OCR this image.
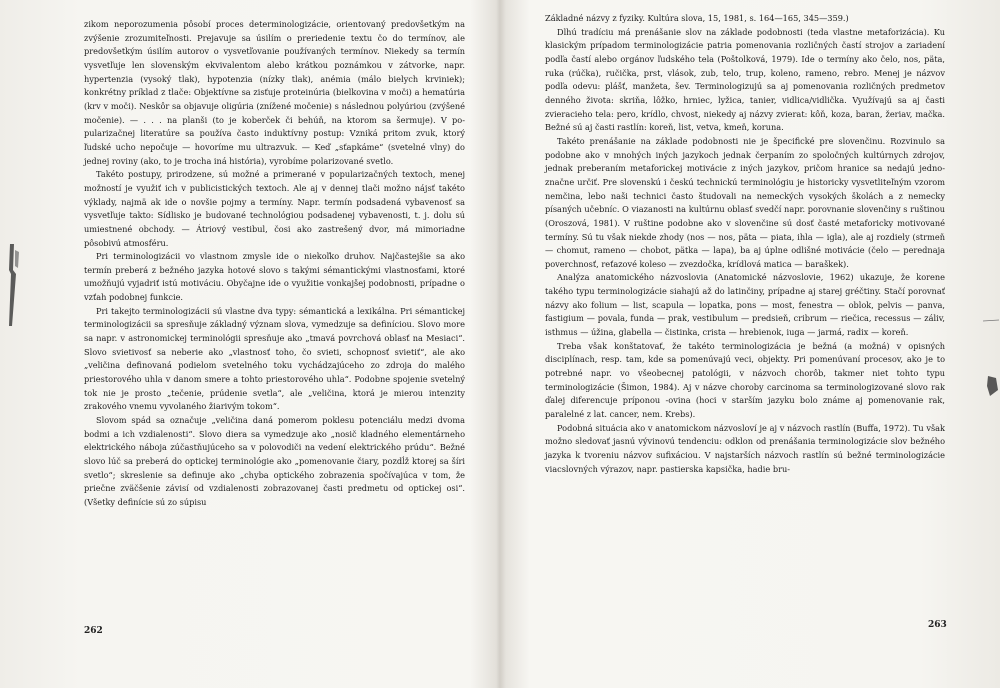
zikom neporozumenia pôsobí proces determinologizácie, orientovaný predovšetkým na zvýšenie zrozumiteľnosti. Prejavuje sa úsilím o preriedenie textu čo do termínov, ale predovšetkým úsilím autorov o vysvetľovanie používaných termínov. Niekedy sa termín vysvetľuje len slovenským ekvivalentom alebo krátkou poznámkou v zátvorke, napr. hypertenzia (vysoký tlak), hypotenzia (nízky tlak), anémia (málo bielych krviniek); konkrétny príklad z tlače: Objektívne sa zisťuje proteinúria (bielkovina v moči) a hematúria (krv v moči). Neskôr sa objavuje oligúria (znížené močenie) s následnou polyúriou (zvýšené močenie). — . . . na planši (to je koberček či behúň, na ktorom sa šermuje). V popularizačnej literatúre sa používa často induktívny postup: Vzniká pritom zvuk, ktorý ľudské ucho nepočuje — hovoríme mu ultrazvuk. — Keď „sťapkáme“ (svetelné vlny) do jednej roviny (ako, to je trocha iná história), vyrobíme polarizované svetlo.

Takéto postupy, prirodzene, sú možné a primerané v popularizačných textoch, menej možností je využiť ich v publicistických textoch. Ale aj v dennej tlači možno nájsť takéto výklady, najmä ak ide o novšie pojmy a termíny. Napr. termín podsadená vybavenosť sa vysvetľuje takto: Sídlisko je budované technológiou podsadenej vybavenosti, t. j. dolu sú umiestnené obchody. — Átriový vestibul, čosi ako zastrešený dvor, má mimoriadne pôsobivú atmosféru.

Pri terminologizácii vo vlastnom zmysle ide o niekoľko druhov. Najčastejšie sa ako termín preberá z bežného jazyka hotové slovo s takými sémantickými vlastnosťami, ktoré umožňujú vyjadriť istú motiváciu. Obyčajne ide o využitie vonkajšej podobnosti, prípadne o vzťah podobnej funkcie.

Pri takejto terminologizácii sú vlastne dva typy: sémantická a lexikálna. Pri sémantickej terminologizácii sa spresňuje základný význam slova, vymedzuje sa definíciou. Slovo more sa napr. v astronomickej terminológii spresňuje ako „tmavá povrchová oblasť na Mesiaci“. Slovo svietivosť sa neberie ako „vlastnosť toho, čo svieti, schopnosť svietiť“, ale ako „veličina definovaná podielom svetelného toku vychádzajúceho zo zdroja do malého priestorového uhla v danom smere a tohto priestorového uhla“. Podobne spojenie svetelný tok nie je prosto „tečenie, prúdenie svetla“, ale „veličina, ktorá je mierou intenzity zrakového vnemu vyvolaného žiarivým tokom“.

Slovom spád sa označuje „veličina daná pomerom poklesu potenciálu medzi dvoma bodmi a ich vzdialenosti“. Slovo diera sa vymedzuje ako „nosič kladného elementárneho elektrického náboja zúčastňujúceho sa v polovodiči na vedení elektrického prúdu“. Bežné slovo lúč sa preberá do optickej terminológie ako „pomenovanie čiary, pozdĺž ktorej sa šíri svetlo“; skreslenie sa definuje ako „chyba optického zobrazenia spočívajúca v tom, že priečne zväčšenie závisí od vzdialenosti zobrazovanej časti predmetu od optickej osi“. (Všetky definície sú zo súpisu

262

Základné názvy z fyziky. Kultúra slova, 15, 1981, s. 164—165, 345—359.)

Dlhú tradíciu má prenášanie slov na základe podobnosti (teda vlastne metaforizácia). Ku klasickým prípadom terminologizácie patria pomenovania rozličných častí strojov a zariadení podľa častí alebo orgánov ľudského tela (Poštolková, 1979). Ide o termíny ako čelo, nos, päta, ruka (rúčka), ručička, prst, vlások, zub, telo, trup, koleno, rameno, rebro. Menej je názvov podľa odevu: plášť, manžeta, šev. Terminologizujú sa aj pomenovania rozličných predmetov denného života: skriňa, lôžko, hrniec, lyžica, tanier, vidlica/vidlička. Využívajú sa aj časti zvieracieho tela: pero, krídlo, chvost, niekedy aj názvy zvierat: kôň, koza, baran, žeriav, mačka. Bežné sú aj časti rastlín: koreň, list, vetva, kmeň, koruna.

Takéto prenášanie na základe podobnosti nie je špecifické pre slovenčinu. Rozvinulo sa podobne ako v mnohých iných jazykoch jednak čerpaním zo spoločných kultúrnych zdrojov, jednak preberaním metaforickej motivácie z iných jazykov, pričom hranice sa nedajú jednoznačne určiť. Pre slovenskú i českú technickú terminológiu je historicky vysvetliteľným vzorom nemčina, lebo naši technici často študovali na nemeckých vysokých školách a z nemecky písaných učebníc. O viazanosti na kultúrnu oblasť svedčí napr. porovnanie slovenčiny s ruštinou (Oroszová, 1981). V ruštine podobne ako v slovenčine sú dosť časté metaforicky motivované termíny. Sú tu však niekde zhody (nos — nos, päta — piata, ihla — igla), ale aj rozdiely (strmeň — chomut, rameno — chobot, pätka — lapa), ba aj úplne odlišné motivácie (čelo — perednaja poverchnosť, reťazové koleso — zvezdočka, krídlová matica — baraškek).

Analýza anatomického názvoslovia (Anatomické názvoslovie, 1962) ukazuje, že korene takého typu terminologizácie siahajú až do latinčiny, prípadne aj starej gréčtiny. Stačí porovnať názvy ako folium — list, scapula — lopatka, pons — most, fenestra — oblok, pelvis — panva, fastigium — povala, funda — prak, vestibulum — predsieň, cribrum — riečica, recessus — záliv, isthmus — úžina, glabella — čistinka, crista — hrebienok, iuga — jarmá, radix — koreň.

Treba však konštatovať, že takéto terminologizácia je bežná (a možná) v opisných disciplínach, resp. tam, kde sa pomenúvajú veci, objekty. Pri pomenúvaní procesov, ako je to potrebné napr. vo všeobecnej patológii, v názvoch chorôb, takmer niet tohto typu terminologizácie (Šimon, 1984). Aj v názve choroby carcinoma sa terminologizované slovo rak ďalej diferencuje príponou -ovina (hoci v starším jazyku bolo známe aj pomenovanie rak, paralelné z lat. cancer, nem. Krebs).

Podobná situácia ako v anatomickom názvosloví je aj v názvoch rastlín (Buffa, 1972). Tu však možno sledovať jasnú vývinovú tendenciu: odklon od prenášania terminologizácie slov bežného jazyka k tvoreniu názvov sufixáciou. V najstarších názvoch rastlín sú bežné terminologizácie viacslovných výrazov, napr. pastierska kapsička, hadie bru-

263
